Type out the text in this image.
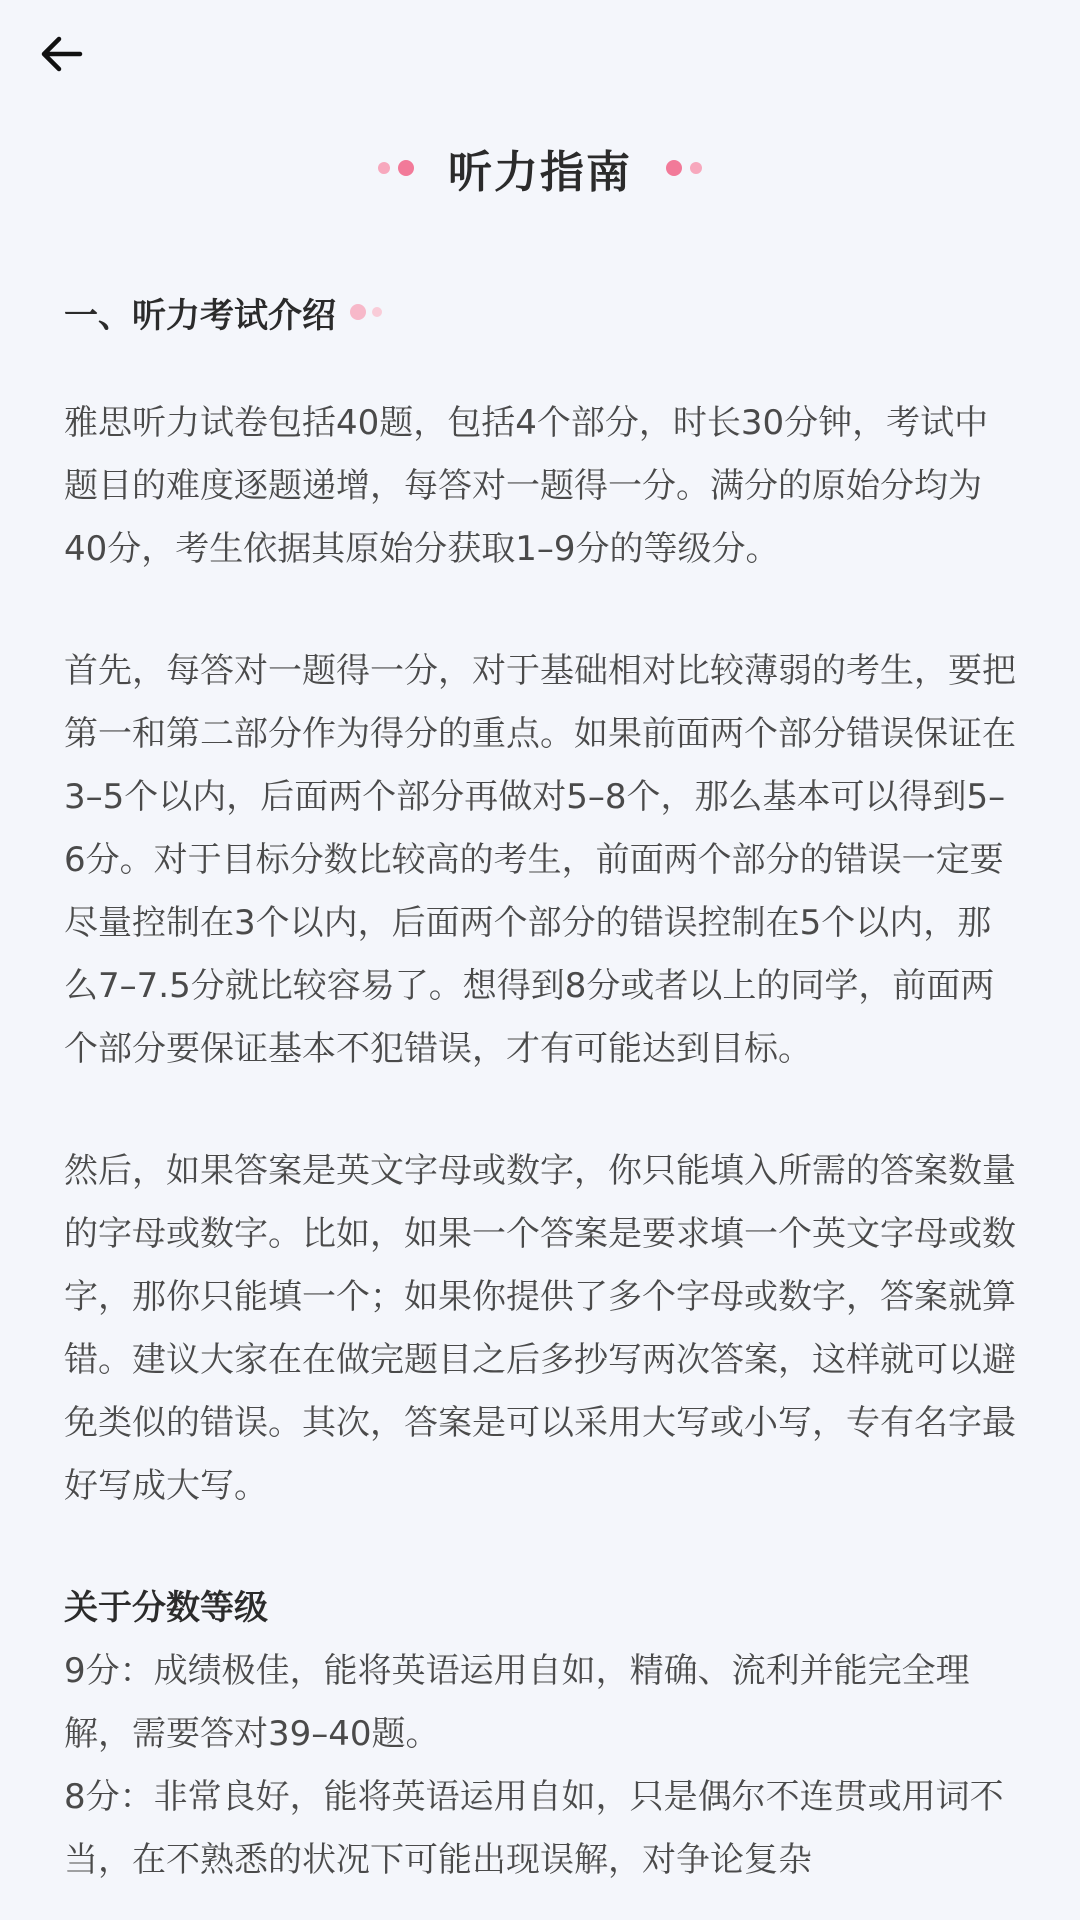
听力指南
一、听力考试介绍

雅思听力试卷包括40题，包括4个部分，时长30分钟，考试中题目的难度逐题递增，每答对一题得一分。满分的原始分均为40分，考生依据其原始分获取1–9分的等级分。

首先，每答对一题得一分，对于基础相对比较薄弱的考生，要把第一和第二部分作为得分的重点。如果前面两个部分错误保证在3–5个以内，后面两个部分再做对5–8个，那么基本可以得到5–6分。对于目标分数比较高的考生，前面两个部分的错误一定要尽量控制在3个以内，后面两个部分的错误控制在5个以内，那么7–7.5分就比较容易了。想得到8分或者以上的同学，前面两个部分要保证基本不犯错误，才有可能达到目标。

然后，如果答案是英文字母或数字，你只能填入所需的答案数量的字母或数字。比如，如果一个答案是要求填一个英文字母或数字，那你只能填一个；如果你提供了多个字母或数字，答案就算错。建议大家在在做完题目之后多抄写两次答案，这样就可以避免类似的错误。其次，答案是可以采用大写或小写，专有名字最好写成大写。

关于分数等级

9分：成绩极佳，能将英语运用自如，精确、流利并能完全理解，需要答对39–40题。

8分：非常良好，能将英语运用自如，只是偶尔不连贯或用词不当，在不熟悉的状况下可能出现误解，对争论复杂
